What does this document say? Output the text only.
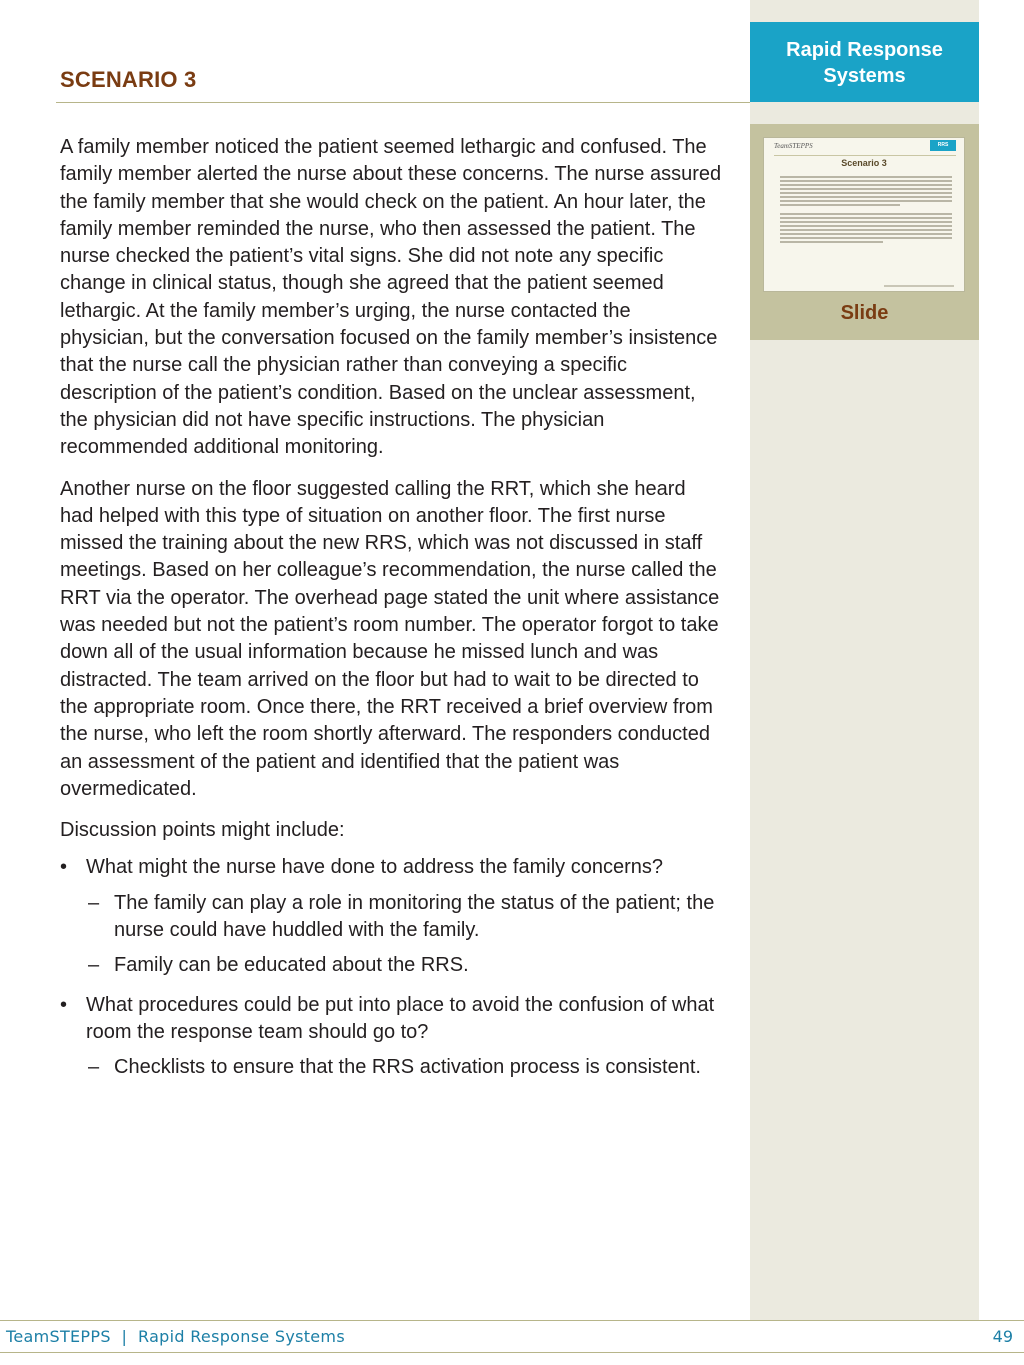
Rapid Response Systems
TeamSTEPPS	RRS
Scenario 3
Slide
SCENARIO 3

A family member noticed the patient seemed lethargic and confused. The family member alerted the nurse about these concerns. The nurse assured the family member that she would check on the patient. An hour later, the family member reminded the nurse, who then assessed the patient. The nurse checked the patient’s vital signs. She did not note any specific change in clinical status, though she agreed that the patient seemed lethargic. At the family member’s urging, the nurse contacted the physician, but the conversation focused on the family member’s insistence that the nurse call the physician rather than conveying a specific description of the patient’s condition. Based on the unclear assessment, the physician did not have specific instructions. The physician recommended additional monitoring.

Another nurse on the floor suggested calling the RRT, which she heard had helped with this type of situation on another floor. The first nurse missed the training about the new RRS, which was not discussed in staff meetings. Based on her colleague’s recommendation, the nurse called the RRT via the operator. The overhead page stated the unit where assistance was needed but not the patient’s room number. The operator forgot to take down all of the usual information because he missed lunch and was distracted. The team arrived on the floor but had to wait to be directed to the appropriate room. Once there, the RRT received a brief overview from the nurse, who left the room shortly afterward. The responders conducted an assessment of the patient and identified that the patient was overmedicated.

Discussion points might include:

• What might the nurse have done to address the family concerns?
– The family can play a role in monitoring the status of the patient; the nurse could have huddled with the family.
– Family can be educated about the RRS.
• What procedures could be put into place to avoid the confusion of what room the response team should go to?
– Checklists to ensure that the RRS activation process is consistent.
TeamSTEPPS  |  Rapid Response Systems	49
